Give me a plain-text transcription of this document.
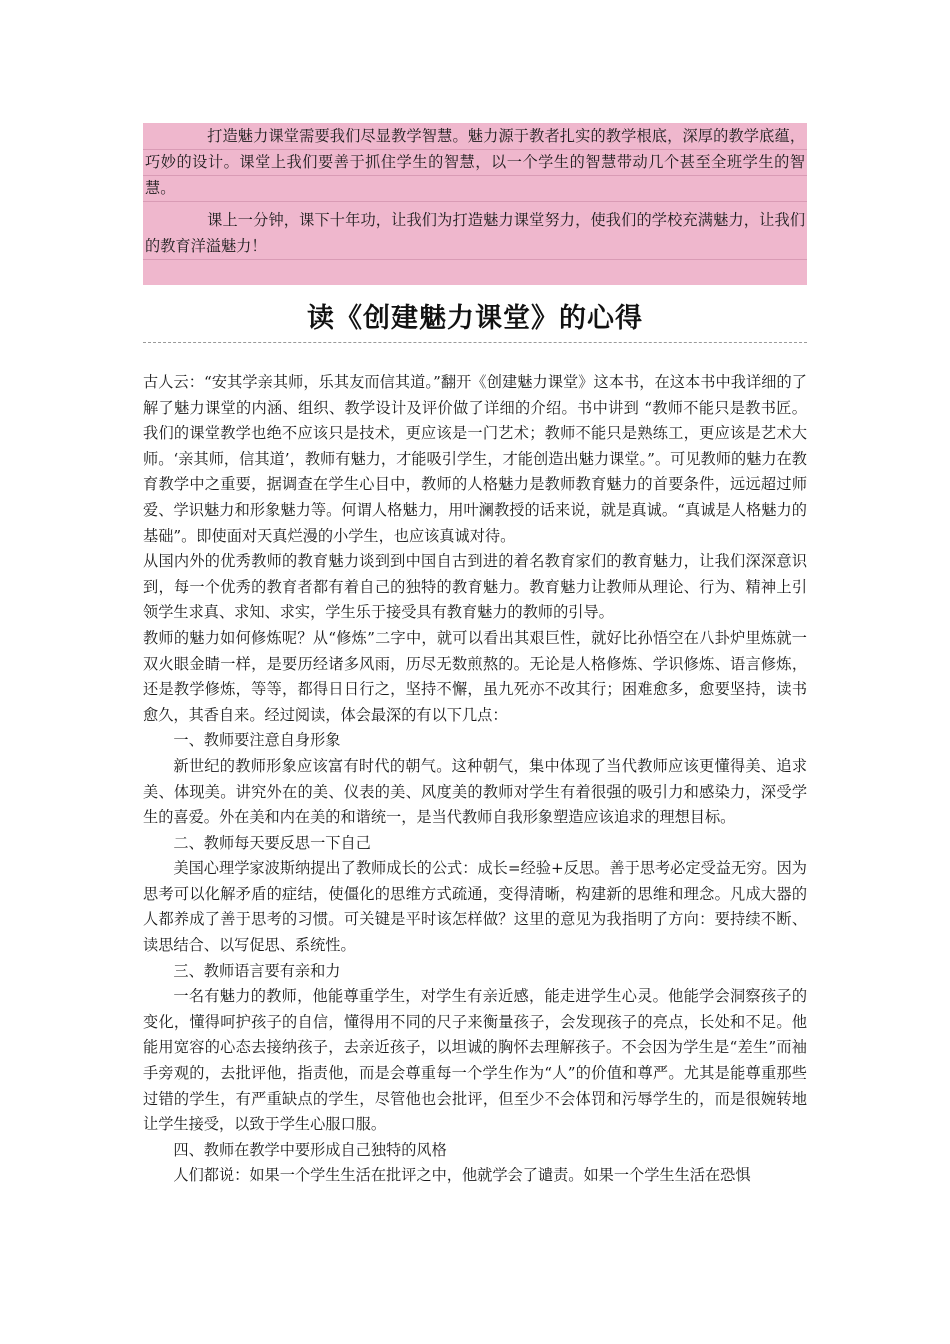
打造魅力课堂需要我们尽显教学智慧。魅力源于教者扎实的教学根底，深厚的教学底蕴，巧妙的设计。课堂上我们要善于抓住学生的智慧，以一个学生的智慧带动几个甚至全班学生的智慧。

课上一分钟，课下十年功，让我们为打造魅力课堂努力，使我们的学校充满魅力，让我们的教育洋溢魅力！

读《创建魅力课堂》的心得

古人云：“安其学亲其师，乐其友而信其道。”翻开《创建魅力课堂》这本书，在这本书中我详细的了解了魅力课堂的内涵、组织、教学设计及评价做了详细的介绍。书中讲到 “教师不能只是教书匠。我们的课堂教学也绝不应该只是技术，更应该是一门艺术；教师不能只是熟练工，更应该是艺术大师。‘亲其师，信其道’，教师有魅力，才能吸引学生，才能创造出魅力课堂。”。可见教师的魅力在教育教学中之重要，据调查在学生心目中，教师的人格魅力是教师教育魅力的首要条件，远远超过师爱、学识魅力和形象魅力等。何谓人格魅力，用叶澜教授的话来说，就是真诚。“真诚是人格魅力的基础”。即使面对天真烂漫的小学生，也应该真诚对待。

从国内外的优秀教师的教育魅力谈到到中国自古到进的着名教育家们的教育魅力，让我们深深意识到，每一个优秀的教育者都有着自己的独特的教育魅力。教育魅力让教师从理论、行为、精神上引领学生求真、求知、求实，学生乐于接受具有教育魅力的教师的引导。

教师的魅力如何修炼呢？从“修炼”二字中，就可以看出其艰巨性，就好比孙悟空在八卦炉里炼就一双火眼金睛一样，是要历经诸多风雨，历尽无数煎熬的。无论是人格修炼、学识修炼、语言修炼，还是教学修炼，等等，都得日日行之，坚持不懈，虽九死亦不改其行；困难愈多，愈要坚持，读书愈久，其香自来。经过阅读，体会最深的有以下几点：

一、教师要注意自身形象

新世纪的教师形象应该富有时代的朝气。这种朝气，集中体现了当代教师应该更懂得美、追求美、体现美。讲究外在的美、仪表的美、风度美的教师对学生有着很强的吸引力和感染力，深受学生的喜爱。外在美和内在美的和谐统一，是当代教师自我形象塑造应该追求的理想目标。

二、教师每天要反思一下自己

美国心理学家波斯纳提出了教师成长的公式：成长=经验+反思。善于思考必定受益无穷。因为思考可以化解矛盾的症结，使僵化的思维方式疏通，变得清晰，构建新的思维和理念。凡成大器的人都养成了善于思考的习惯。可关键是平时该怎样做？这里的意见为我指明了方向：要持续不断、读思结合、以写促思、系统性。

三、教师语言要有亲和力

一名有魅力的教师，他能尊重学生，对学生有亲近感，能走进学生心灵。他能学会洞察孩子的变化，懂得呵护孩子的自信，懂得用不同的尺子来衡量孩子，会发现孩子的亮点，长处和不足。他能用宽容的心态去接纳孩子，去亲近孩子，以坦诚的胸怀去理解孩子。不会因为学生是“差生”而袖手旁观的，去批评他，指责他，而是会尊重每一个学生作为“人”的价值和尊严。尤其是能尊重那些过错的学生，有严重缺点的学生，尽管他也会批评，但至少不会体罚和污辱学生的，而是很婉转地让学生接受，以致于学生心服口服。

四、教师在教学中要形成自己独特的风格

人们都说：如果一个学生生活在批评之中，他就学会了谴责。如果一个学生生活在恐惧
